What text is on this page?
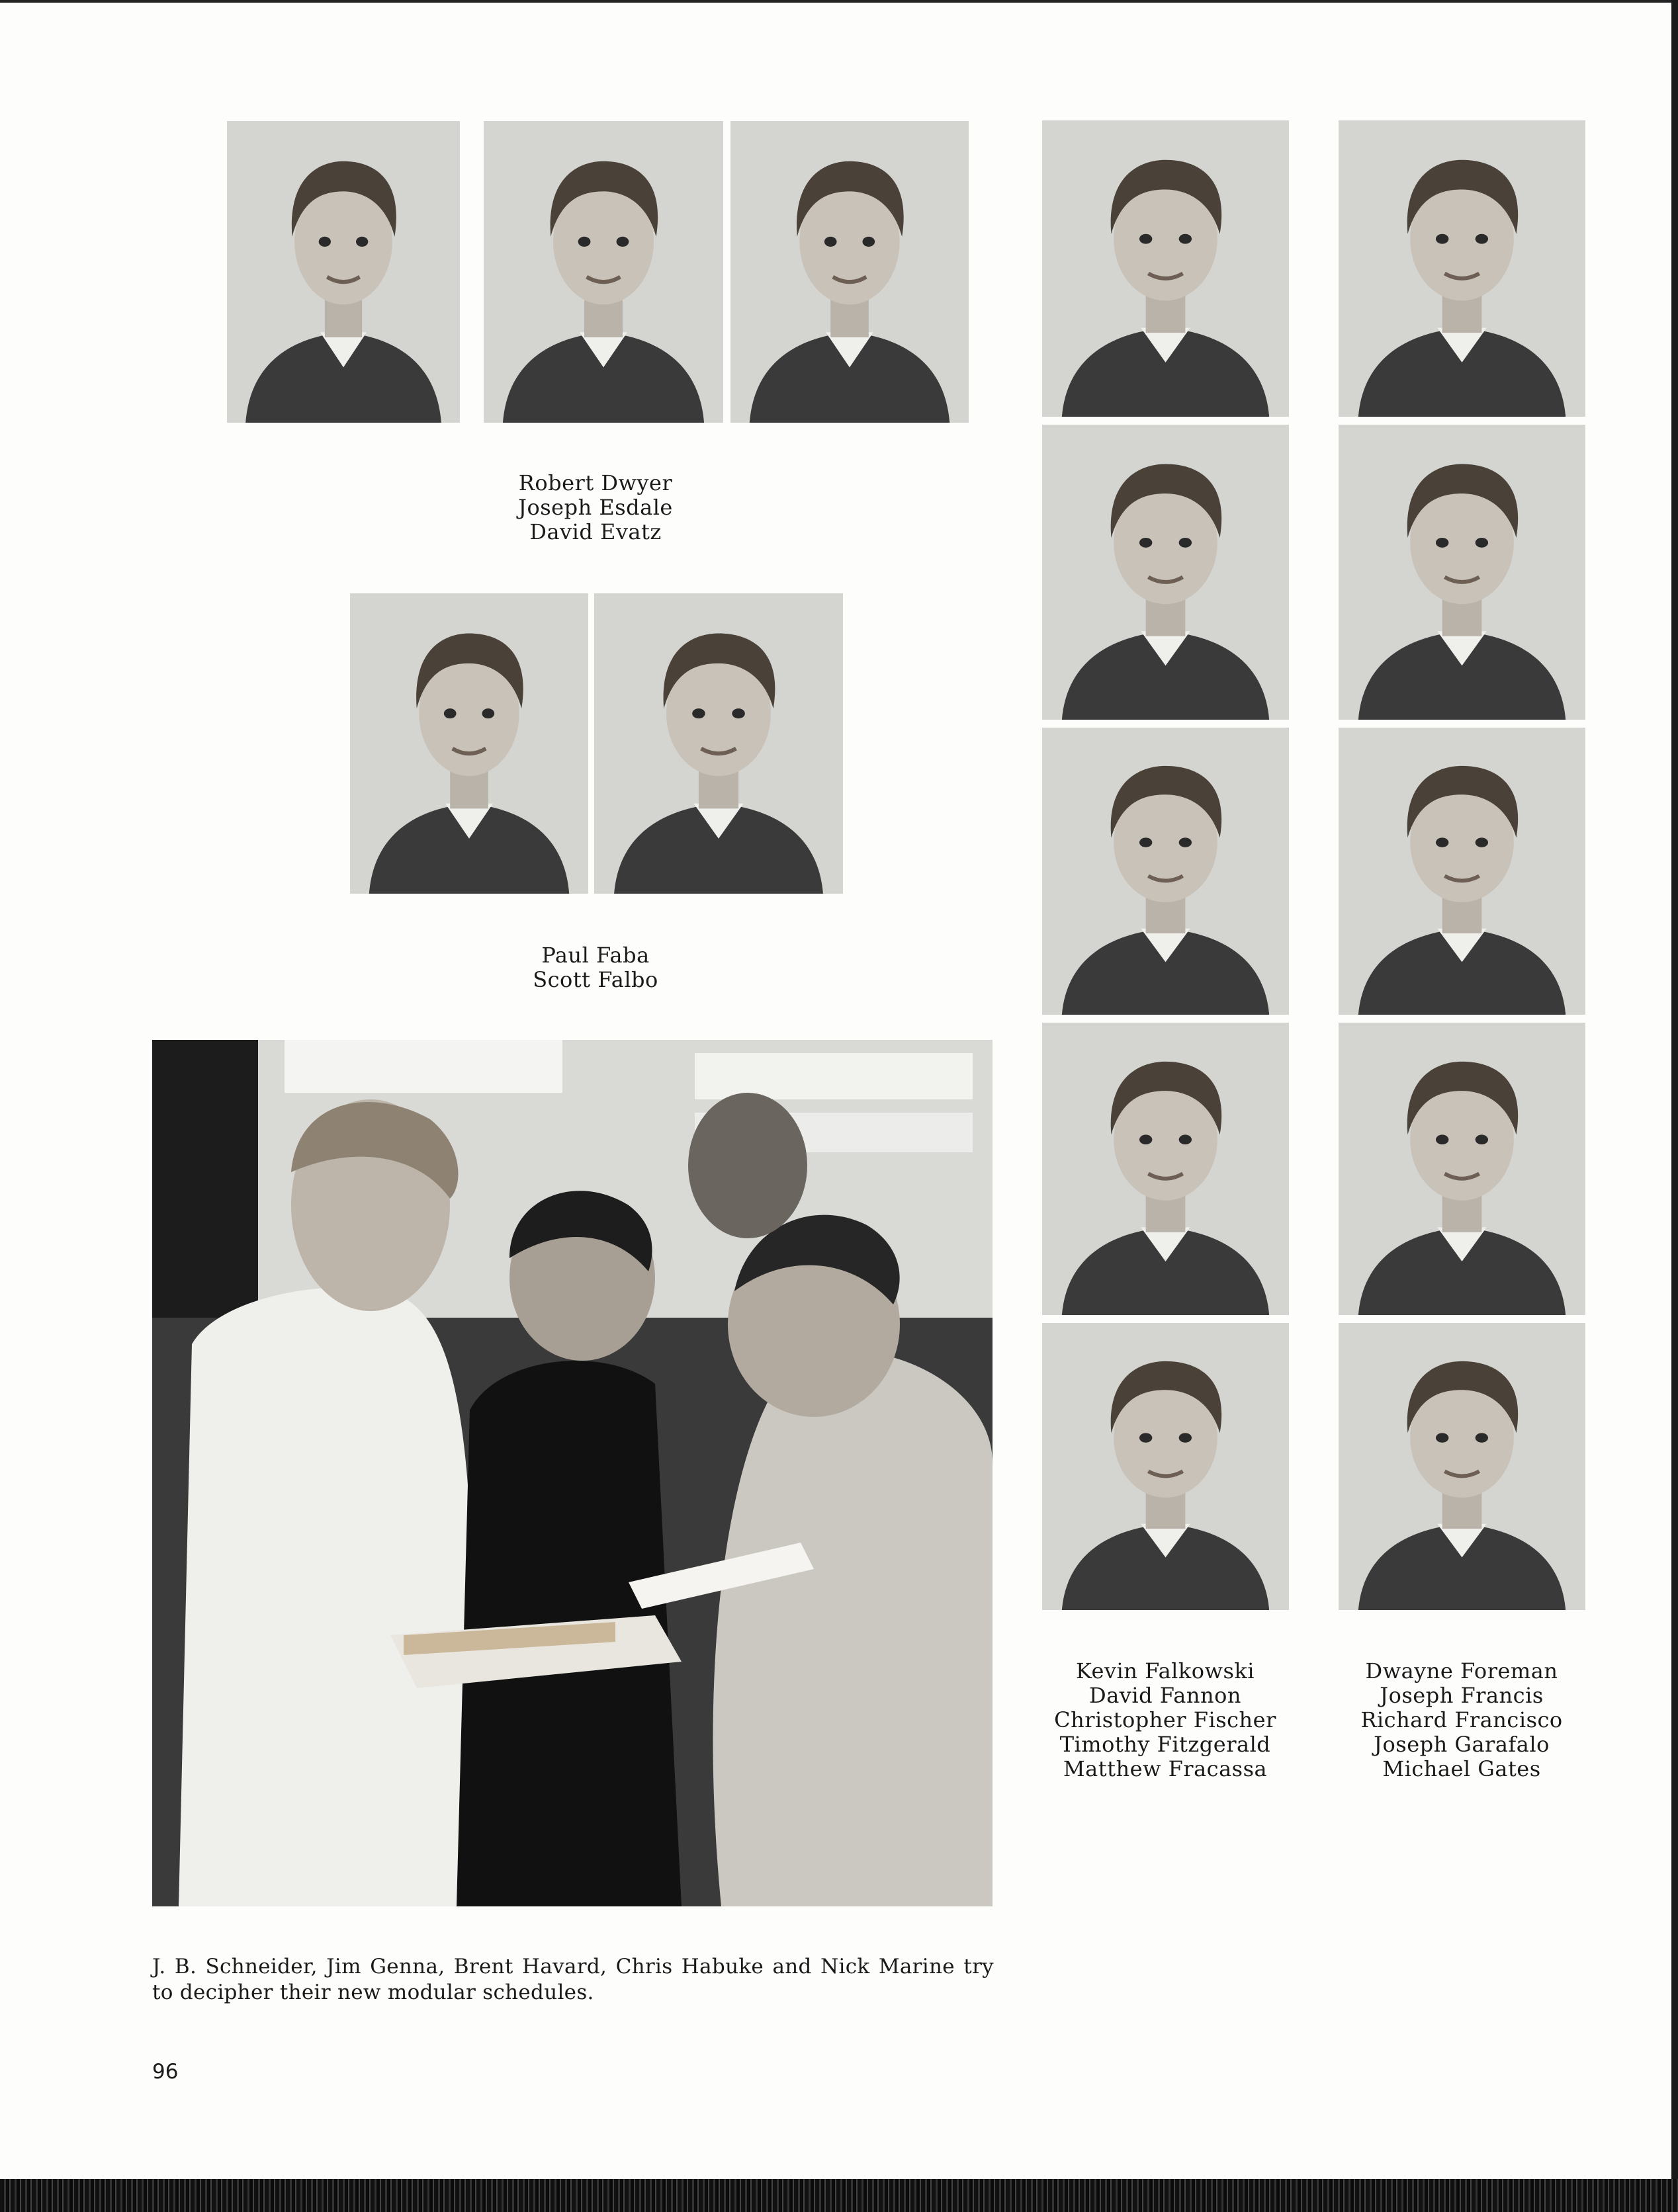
Robert Dwyer
Joseph Esdale
David Evatz
Paul Faba
Scott Falbo
Kevin Falkowski
David Fannon
Christopher Fischer
Timothy Fitzgerald
Matthew Fracassa
Dwayne Foreman
Joseph Francis
Richard Francisco
Joseph Garafalo
Michael Gates
J. B. Schneider, Jim Genna, Brent Havard, Chris Habuke and Nick Marine try to decipher their new modular schedules.
96
